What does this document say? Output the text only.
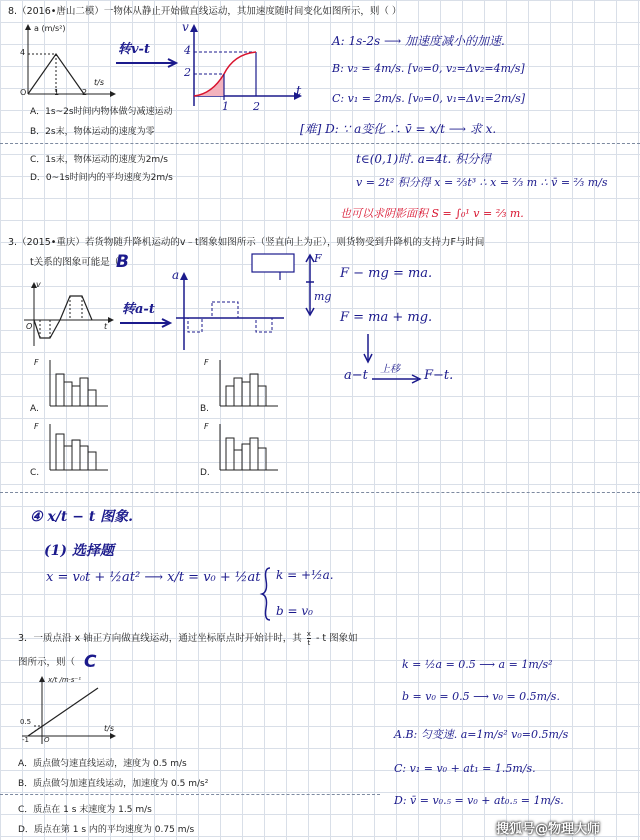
8.（2016•唐山二模）一物体从静止开始做直线运动，其加速度随时间变化如图所示，则（ ）
a (m/s²)
4
t/s
O	1	2
转v-t
v
4
2
1 2
t
A．1s~2s时间内物体做匀减速运动
B．2s末，物体运动的速度为零
C．1s末，物体运动的速度为2m/s
D．0~1s时间内的平均速度为2m/s
A: 1s-2s ⟶ 加速度减小的加速.
B: v₂ = 4m/s. [v₀=0, v₂=Δv₂=4m/s]
C: v₁ = 2m/s. [v₀=0, v₁=Δv₁=2m/s]
[难] D: ∵ a变化 ∴ v̄ = x/t ⟶ 求 x.
t∈(0,1)时. a=4t. 积分得
v = 2t² 积分得 x = ⅔t³ ∴ x = ⅔ m ∴ v̄ = ⅔ m/s
也可以求阴影面积 S = ∫₀¹ v = ⅔ m.
3.（2015•重庆）若货物随升降机运动的v﹣t图象如图所示（竖直向上为正），则货物受到升降机的支持力F与时间
t关系的图象可能是（
B
v
t
O
转a-t
a
F
mg
F − mg = ma.
F = ma + mg.
a−t 上移 F−t.
A.	B.
C.	D.
F	F
F	F
④ x/t − t 图象.
(1) 选择题
x = v₀t + ½at² ⟶ x/t = v₀ + ½at k = +½a.
b = v₀
3．一质点沿 x 轴正方向做直线运动，通过坐标原点时开始计时，其 $\frac{x}{t}$ - t 图象如
图所示，则（ C
x/t /m·s⁻¹
t/s
0.5
-1 O
A．质点做匀速直线运动，速度为 0.5 m/s
B．质点做匀加速直线运动，加速度为 0.5 m/s²
C．质点在 1 s 末速度为 1.5 m/s
D．质点在第 1 s 内的平均速度为 0.75 m/s
k = ½a = 0.5 ⟶ a = 1m/s²
b = v₀ = 0.5 ⟶ v₀ = 0.5m/s.
A.B: 匀变速. a=1m/s² v₀=0.5m/s
C: v₁ = v₀ + at₁ = 1.5m/s.
D: v̄ = v₀.₅ = v₀ + at₀.₅ = 1m/s.
搜狐号@物理大师
